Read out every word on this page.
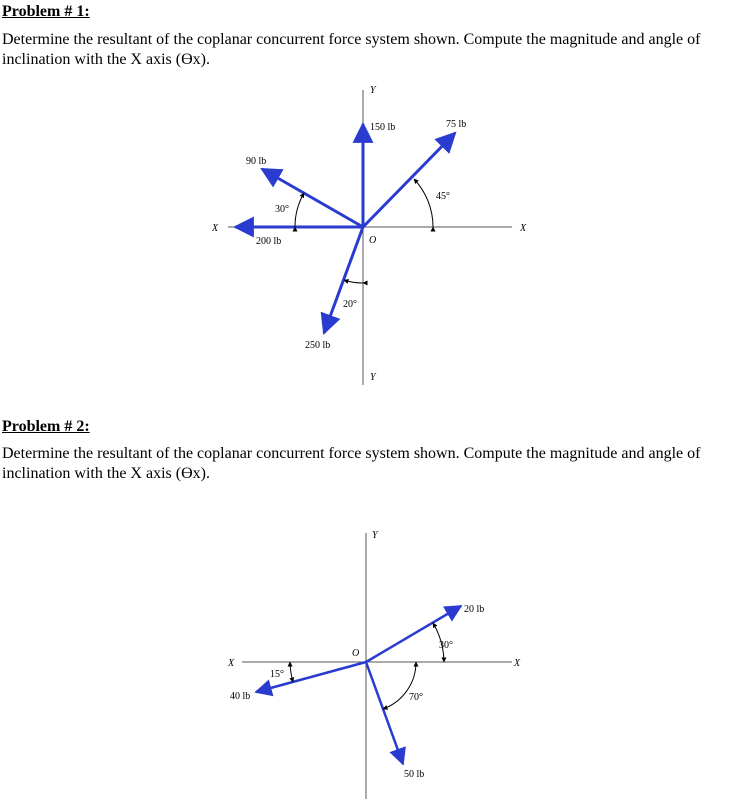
Problem # 1:

Determine the resultant of the coplanar concurrent force system shown. Compute the magnitude and angle of inclination with the X axis (ϴx).

X	X
Y
Y
O
150 lb	75 lb
90 lb
200 lb
250 lb
45°
30°
20°

Problem # 2:

Determine the resultant of the coplanar concurrent force system shown. Compute the magnitude and angle of inclination with the X axis (ϴx).

X	X
Y
O
20 lb
40 lb
50 lb
30°
15°
70°
